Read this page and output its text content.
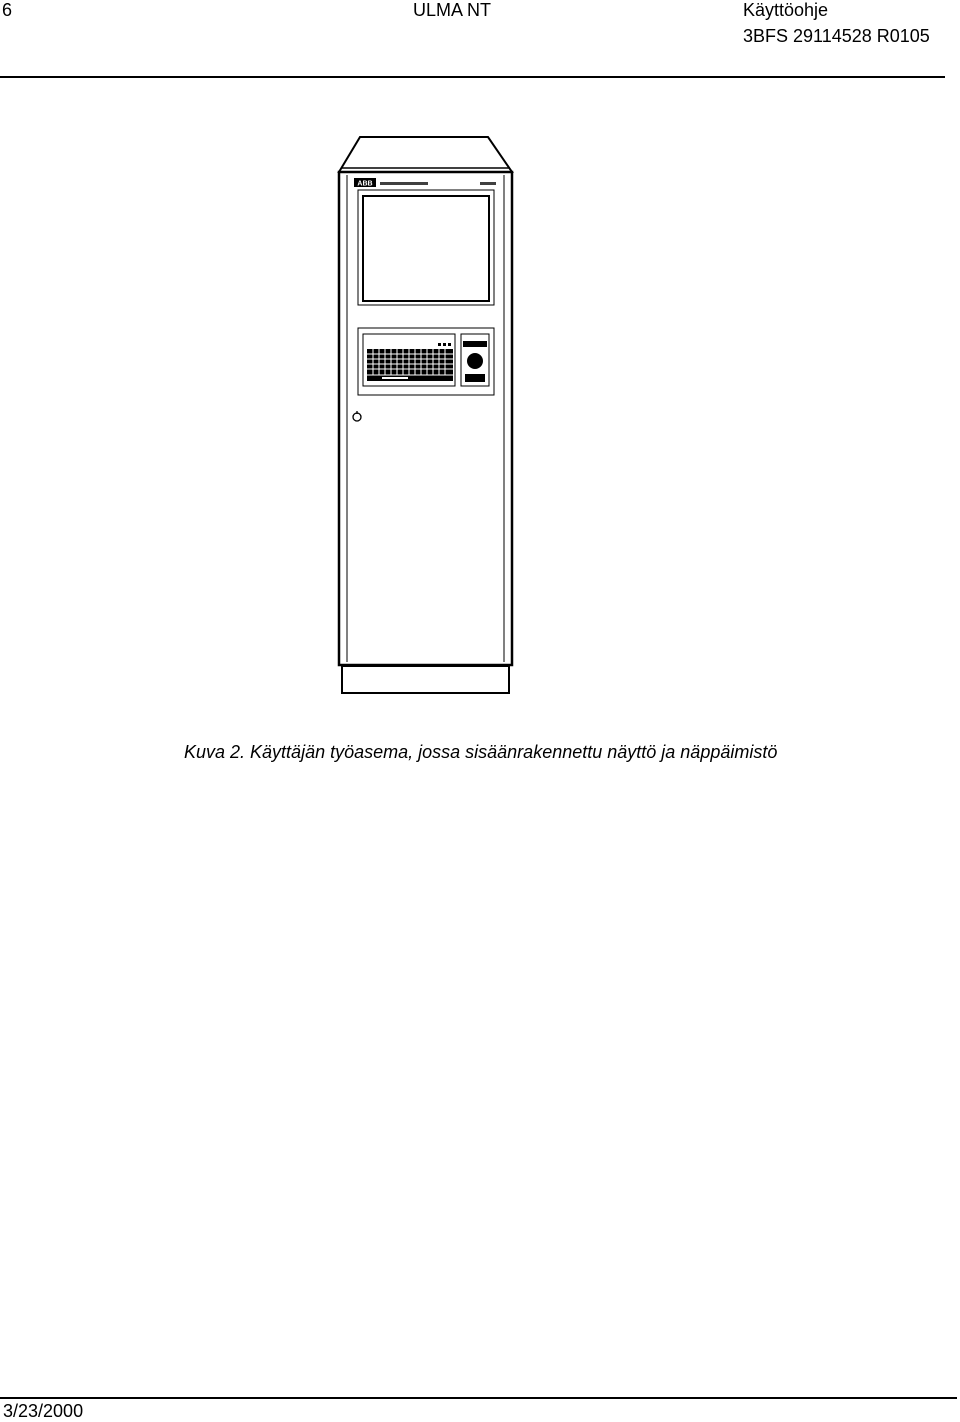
6	ULMA NT	Käyttöohje
3BFS 29114528 R0105
ABB
Kuva 2. Käyttäjän työasema, jossa sisäänrakennettu näyttö ja näppäimistö
3/23/2000
